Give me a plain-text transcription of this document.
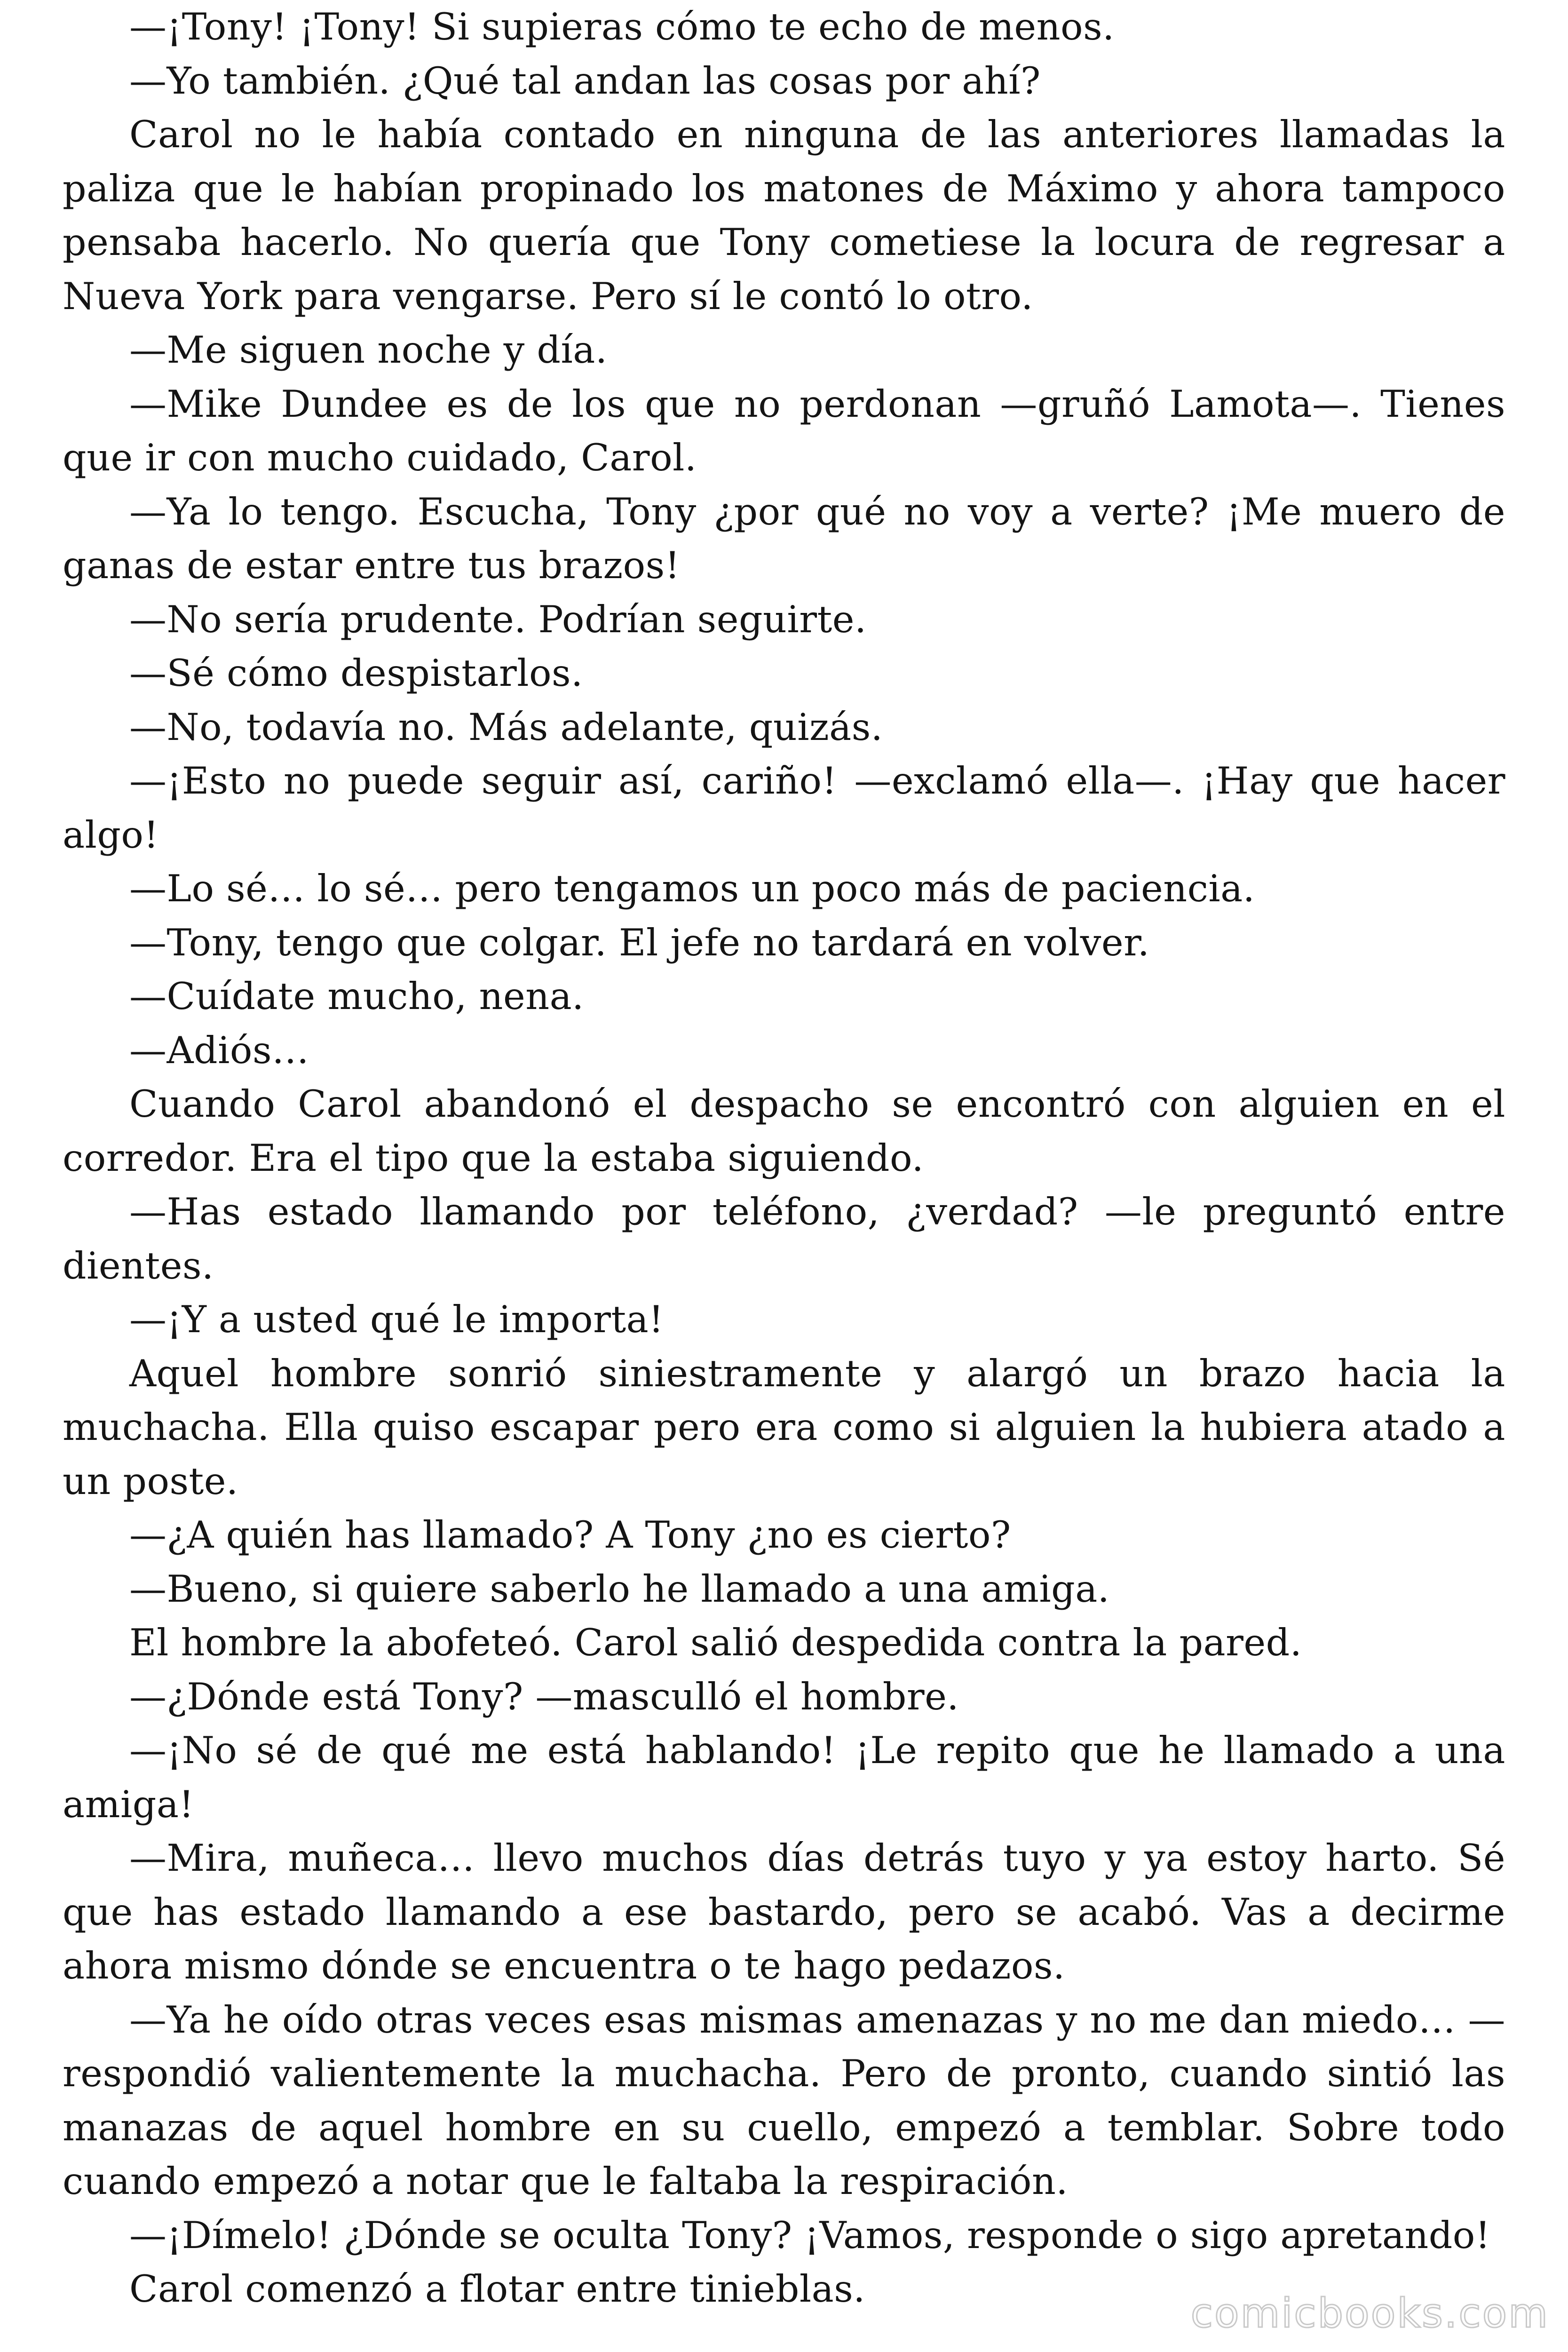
—¡Tony! ¡Tony! Si supieras cómo te echo de menos.

—Yo también. ¿Qué tal andan las cosas por ahí?

Carol no le había contado en ninguna de las anteriores llamadas la paliza que le habían propinado los matones de Máximo y ahora tampoco pensaba hacerlo. No quería que Tony cometiese la locura de regresar a Nueva York para vengarse. Pero sí le contó lo otro.

—Me siguen noche y día.

—Mike Dundee es de los que no perdonan —gruñó Lamota—. Tienes que ir con mucho cuidado, Carol.

—Ya lo tengo. Escucha, Tony ¿por qué no voy a verte? ¡Me muero de ganas de estar entre tus brazos!

—No sería prudente. Podrían seguirte.

—Sé cómo despistarlos.

—No, todavía no. Más adelante, quizás.

—¡Esto no puede seguir así, cariño! —exclamó ella—. ¡Hay que hacer algo!

—Lo sé… lo sé… pero tengamos un poco más de paciencia.

—Tony, tengo que colgar. El jefe no tardará en volver.

—Cuídate mucho, nena.

—Adiós…

Cuando Carol abandonó el despacho se encontró con alguien en el corredor. Era el tipo que la estaba siguiendo.

—Has estado llamando por teléfono, ¿verdad? —le preguntó entre dientes.

—¡Y a usted qué le importa!

Aquel hombre sonrió siniestramente y alargó un brazo hacia la muchacha. Ella quiso escapar pero era como si alguien la hubiera atado a un poste.

—¿A quién has llamado? A Tony ¿no es cierto?

—Bueno, si quiere saberlo he llamado a una amiga.

El hombre la abofeteó. Carol salió despedida contra la pared.

—¿Dónde está Tony? —masculló el hombre.

—¡No sé de qué me está hablando! ¡Le repito que he llamado a una amiga!

—Mira, muñeca… llevo muchos días detrás tuyo y ya estoy harto. Sé que has estado llamando a ese bastardo, pero se acabó. Vas a decirme ahora mismo dónde se encuentra o te hago pedazos.

—Ya he oído otras veces esas mismas amenazas y no me dan miedo… —respondió valientemente la muchacha. Pero de pronto, cuando sintió las manazas de aquel hombre en su cuello, empezó a temblar. Sobre todo cuando empezó a notar que le faltaba la respiración.

—¡Dímelo! ¿Dónde se oculta Tony? ¡Vamos, responde o sigo apretando!

Carol comenzó a flotar entre tinieblas.

comicbooks.com
